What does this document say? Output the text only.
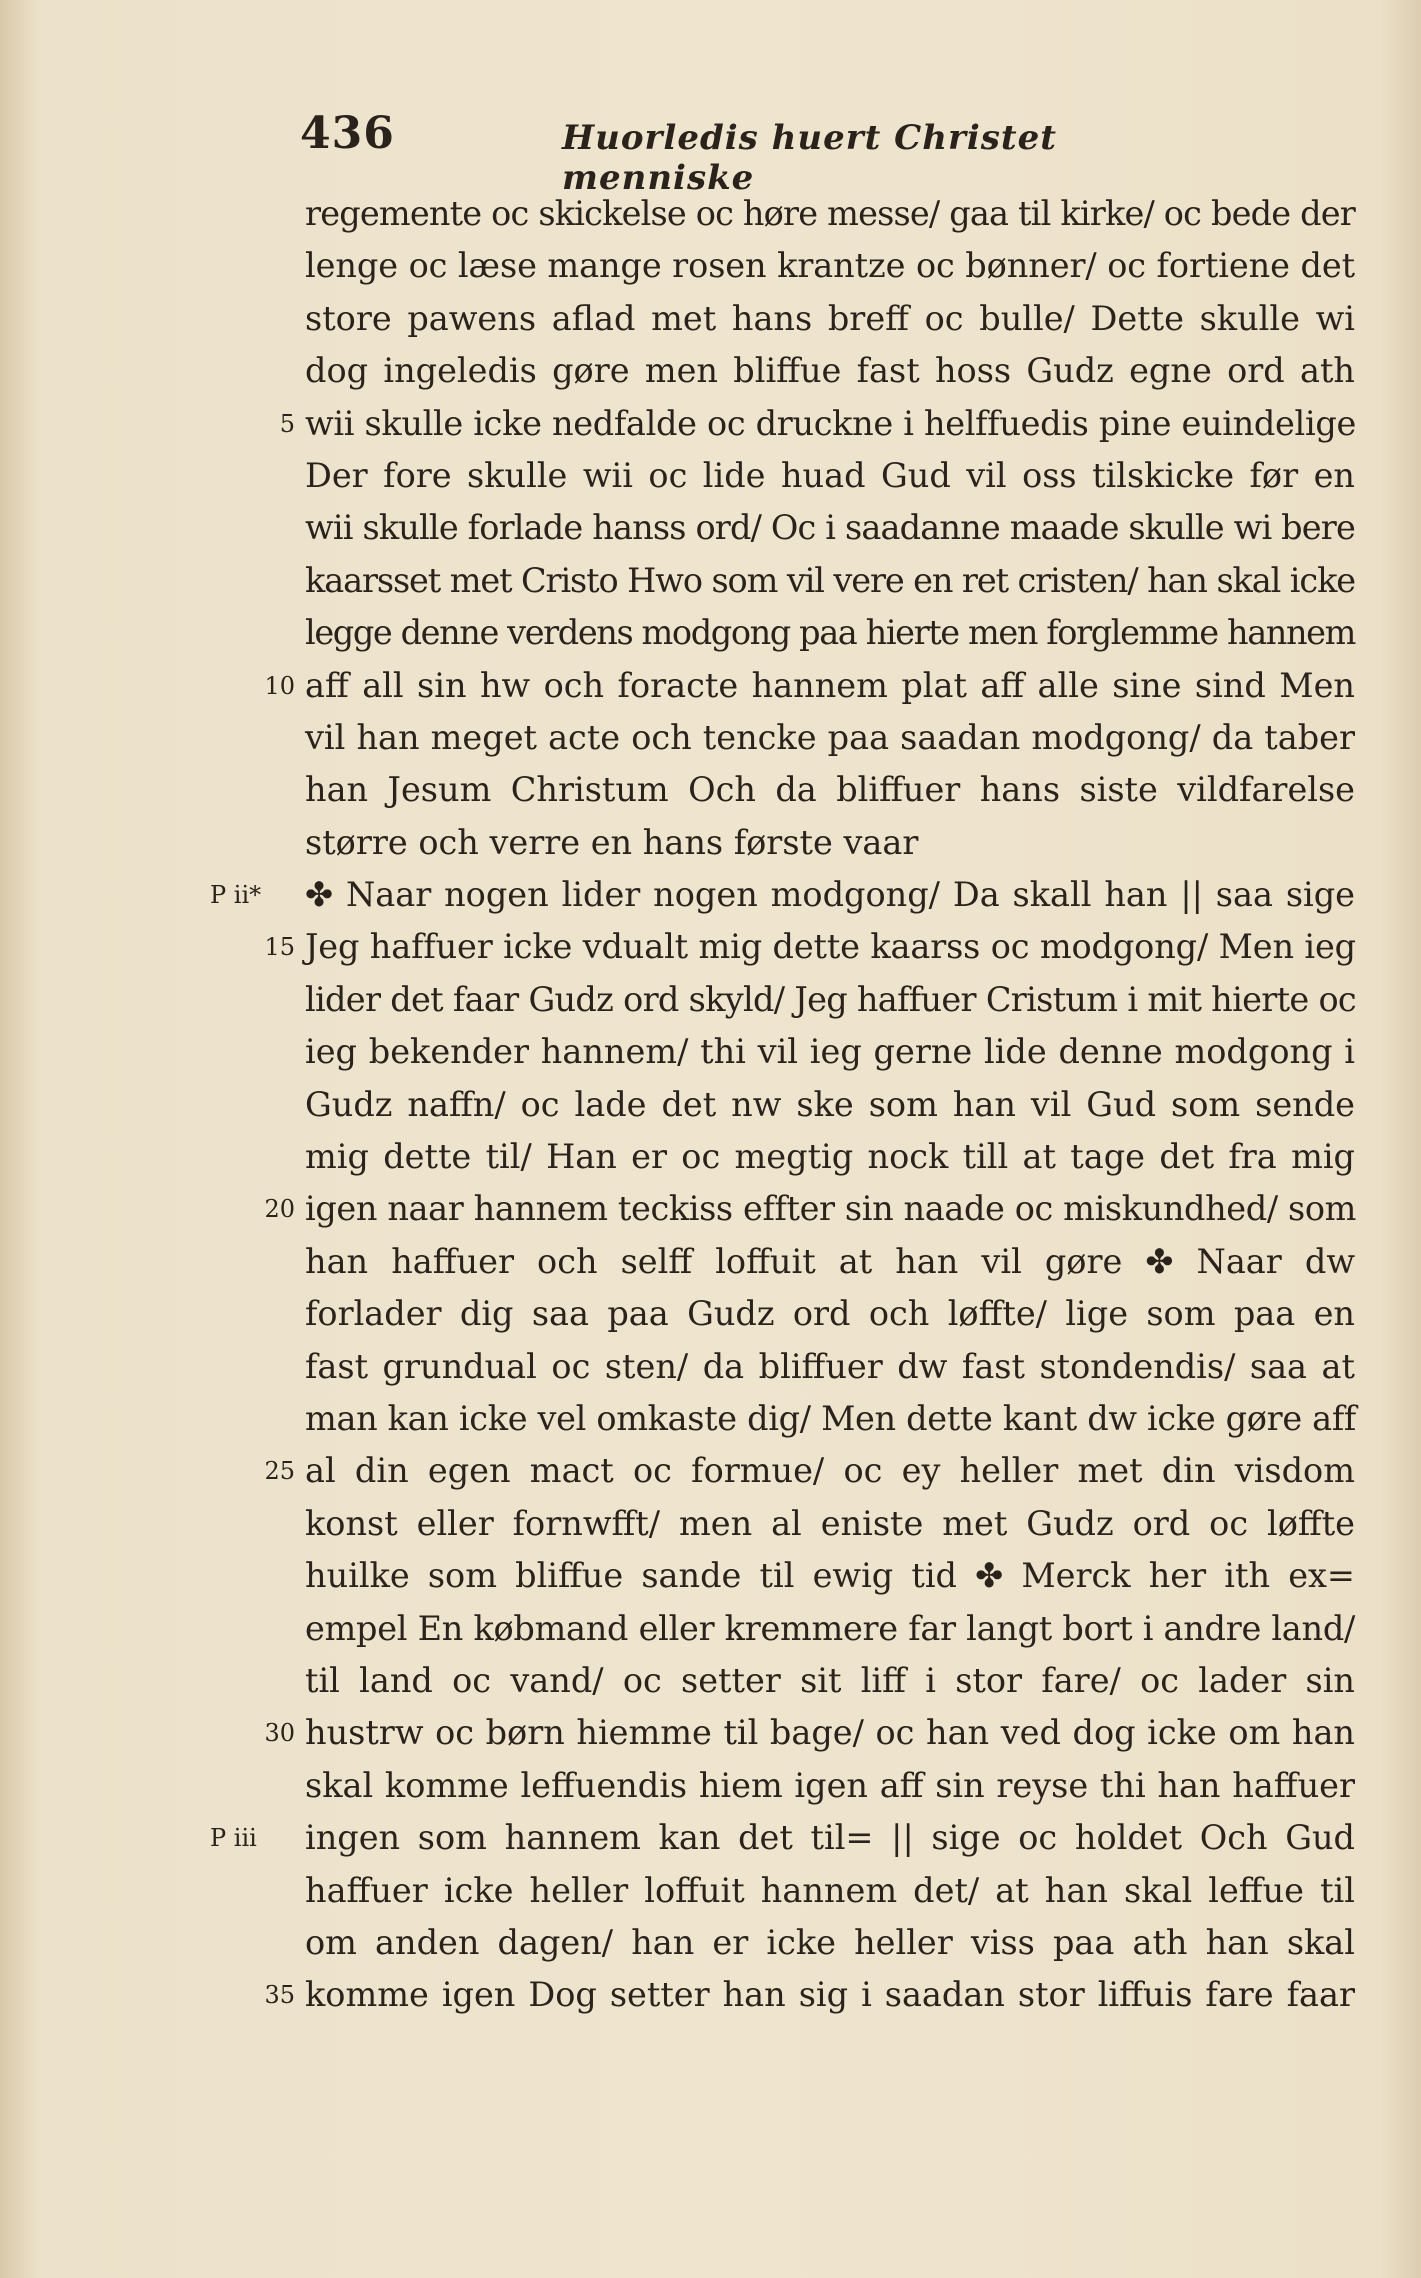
436	Huorledis huert Christet menniske
regemente oc skickelse oc høre messe/ gaa til kirke/ oc bede der
lenge oc læse mange rosen krantze oc bønner/ oc fortiene det
store pawens aflad met hans breff oc bulle/ Dette skulle wi
dog ingeledis gøre men bliffue fast hoss Gudz egne ord ath
5 wii skulle icke nedfalde oc druckne i helffuedis pine euindelige
Der fore skulle wii oc lide huad Gud vil oss tilskicke før en
wii skulle forlade hanss ord/ Oc i saadanne maade skulle wi bere
kaarsset met Cristo Hwo som vil vere en ret cristen/ han skal icke
legge denne verdens modgong paa hierte men forglemme hannem
10 aff all sin hw och foracte hannem plat aff alle sine sind Men
vil han meget acte och tencke paa saadan modgong/ da taber
han Jesum Christum Och da bliffuer hans siste vildfarelse
større och verre en hans første vaar
P ii*	✤ Naar nogen lider nogen modgong/ Da skall han || saa sige
15 Jeg haffuer icke vdualt mig dette kaarss oc modgong/ Men ieg
lider det faar Gudz ord skyld/ Jeg haffuer Cristum i mit hierte oc
ieg bekender hannem/ thi vil ieg gerne lide denne modgong i
Gudz naffn/ oc lade det nw ske som han vil Gud som sende
mig dette til/ Han er oc megtig nock till at tage det fra mig
20 igen naar hannem teckiss effter sin naade oc miskundhed/ som
han haffuer och selff loffuit at han vil gøre ✤ Naar dw
forlader dig saa paa Gudz ord och løffte/ lige som paa en
fast grundual oc sten/ da bliffuer dw fast stondendis/ saa at
man kan icke vel omkaste dig/ Men dette kant dw icke gøre aff
25 al din egen mact oc formue/ oc ey heller met din visdom
konst eller fornwfft/ men al eniste met Gudz ord oc løffte
huilke som bliffue sande til ewig tid ✤ Merck her ith ex=
empel En købmand eller kremmere far langt bort i andre land/
til land oc vand/ oc setter sit liff i stor fare/ oc lader sin
30 hustrw oc børn hiemme til bage/ oc han ved dog icke om han
skal komme leffuendis hiem igen aff sin reyse thi han haffuer
P iii	ingen som hannem kan det til= || sige oc holdet Och Gud
haffuer icke heller loffuit hannem det/ at han skal leffue til
om anden dagen/ han er icke heller viss paa ath han skal
35 komme igen Dog setter han sig i saadan stor liffuis fare faar
